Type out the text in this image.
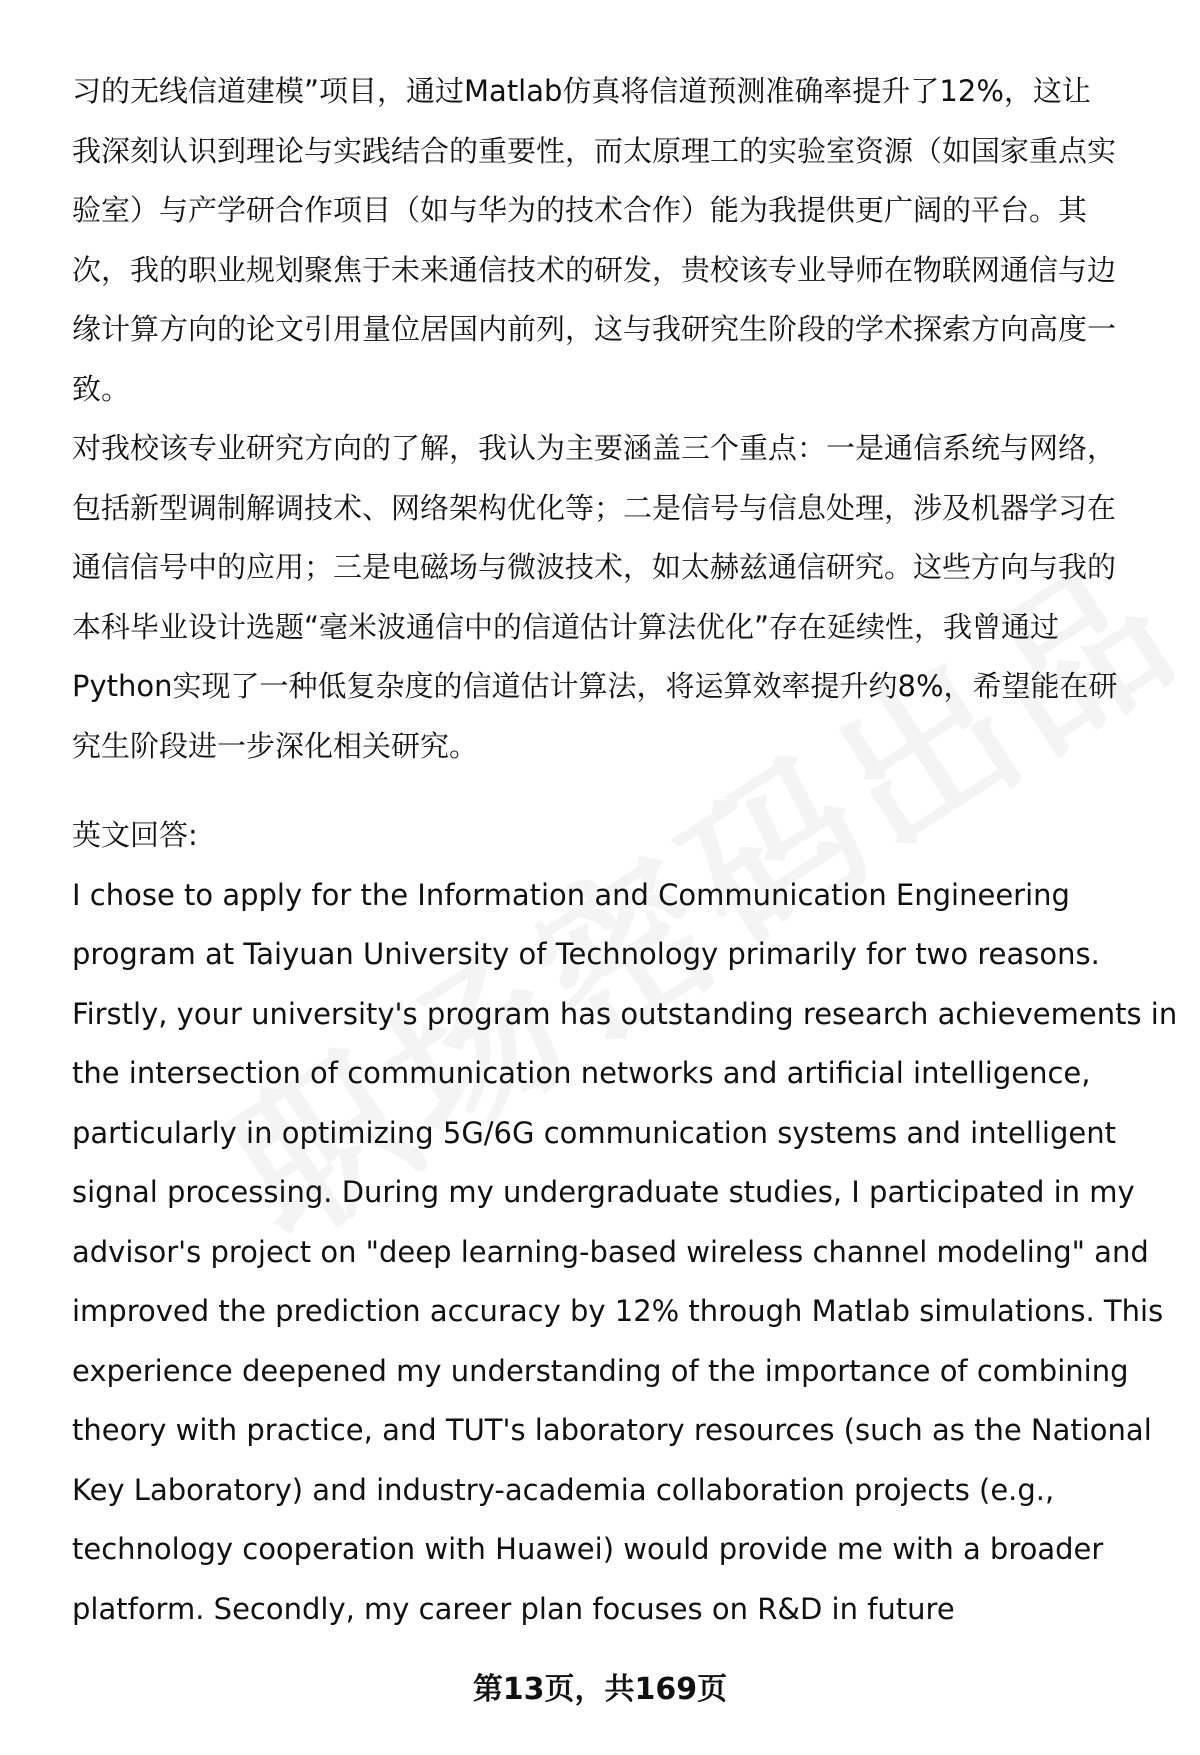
习的无线信道建模”项目，通过Matlab仿真将信道预测准确率提升了12%，这让
我深刻认识到理论与实践结合的重要性，而太原理工的实验室资源（如国家重点实
验室）与产学研合作项目（如与华为的技术合作）能为我提供更广阔的平台。其
次，我的职业规划聚焦于未来通信技术的研发，贵校该专业导师在物联网通信与边
缘计算方向的论文引用量位居国内前列，这与我研究生阶段的学术探索方向高度一
致。
对我校该专业研究方向的了解，我认为主要涵盖三个重点：一是通信系统与网络，
包括新型调制解调技术、网络架构优化等；二是信号与信息处理，涉及机器学习在
通信信号中的应用；三是电磁场与微波技术，如太赫兹通信研究。这些方向与我的
本科毕业设计选题“毫米波通信中的信道估计算法优化”存在延续性，我曾通过
Python实现了一种低复杂度的信道估计算法，将运算效率提升约8%，希望能在研
究生阶段进一步深化相关研究。
英文回答:
I chose to apply for the Information and Communication Engineering
program at Taiyuan University of Technology primarily for two reasons.
Firstly, your university's program has outstanding research achievements in
the intersection of communication networks and artificial intelligence,
particularly in optimizing 5G/6G communication systems and intelligent
signal processing. During my undergraduate studies, I participated in my
advisor's project on "deep learning-based wireless channel modeling" and
improved the prediction accuracy by 12% through Matlab simulations. This
experience deepened my understanding of the importance of combining
theory with practice, and TUT's laboratory resources (such as the National
Key Laboratory) and industry-academia collaboration projects (e.g.,
technology cooperation with Huawei) would provide me with a broader
platform. Secondly, my career plan focuses on R&D in future
第13页，共169页
